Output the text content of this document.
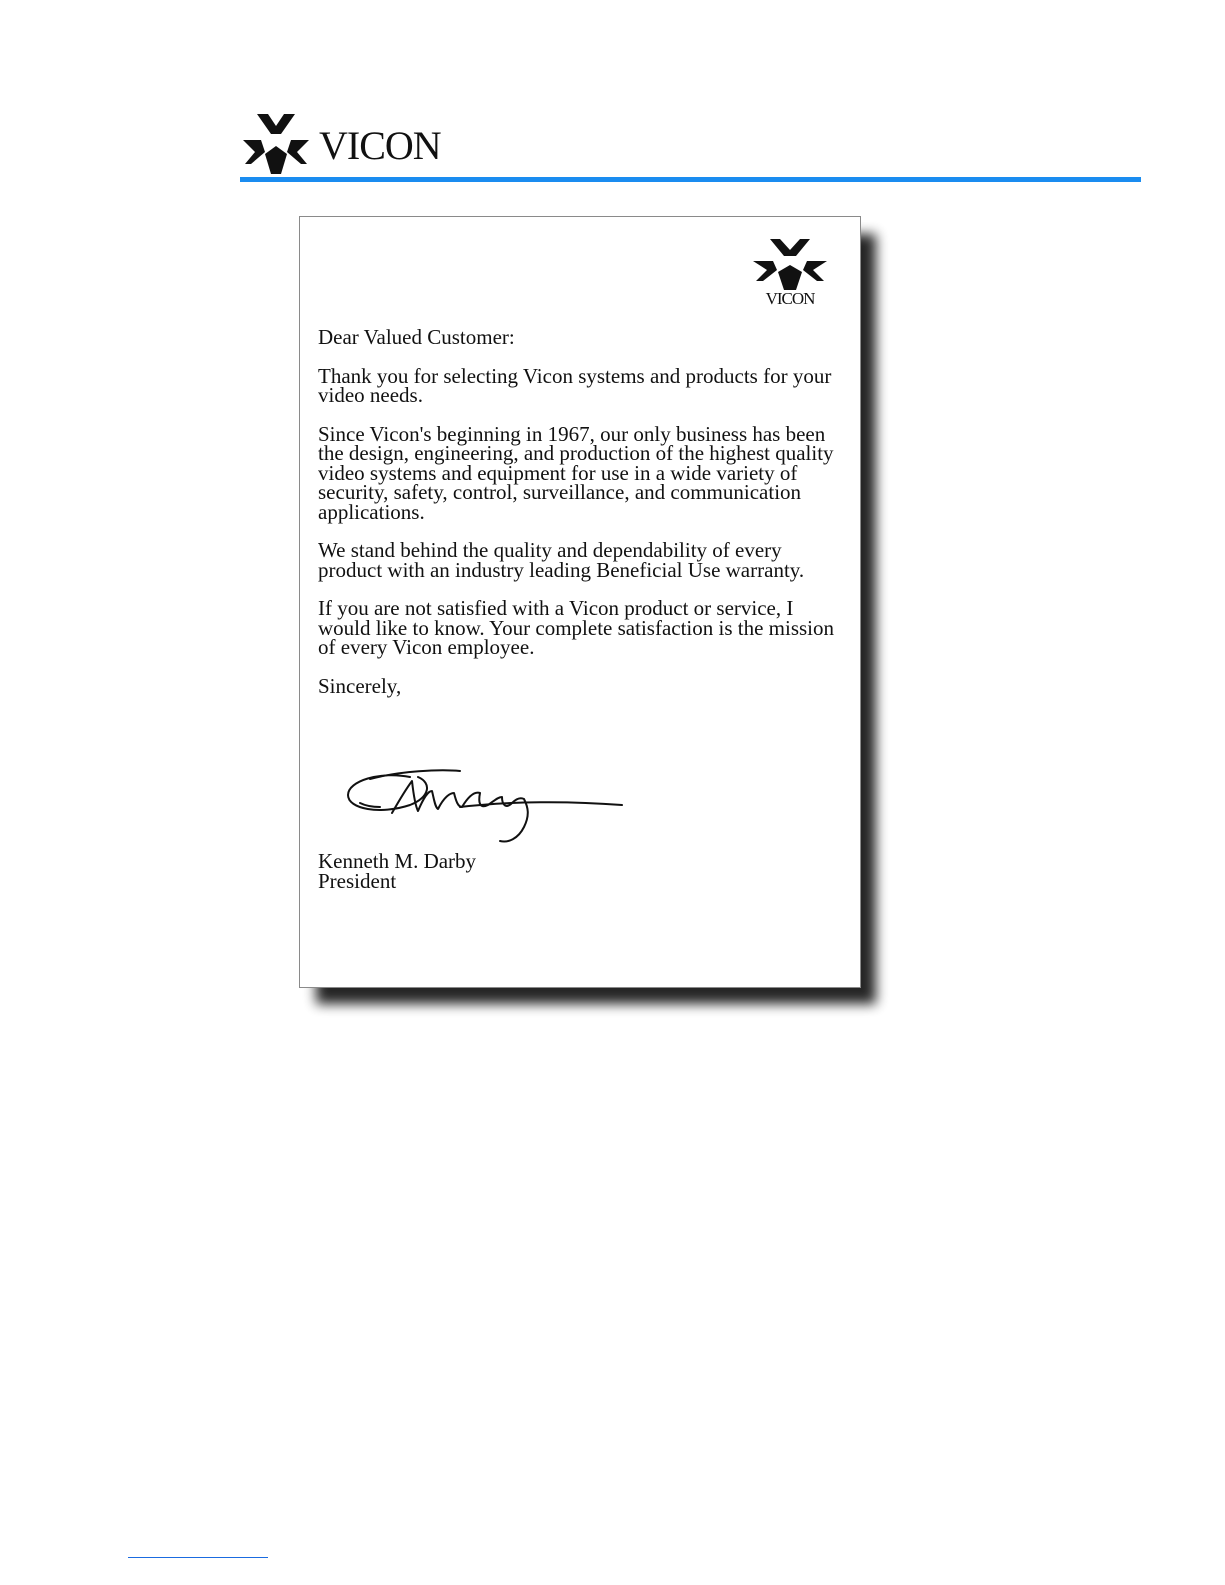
VICON
VICON

Dear Valued Customer:

Thank you for selecting Vicon systems and products for your video needs.

Since Vicon's beginning in 1967, our only business has been the design, engineering, and production of the highest quality video systems and equipment for use in a wide variety of security, safety, control, surveillance, and communication applications.

We stand behind the quality and dependability of every product with an industry leading Beneficial Use warranty.

If you are not satisfied with a Vicon product or service, I would like to know. Your complete satisfaction is the mission of every Vicon employee.

Sincerely,

Kenneth M. Darby
President
